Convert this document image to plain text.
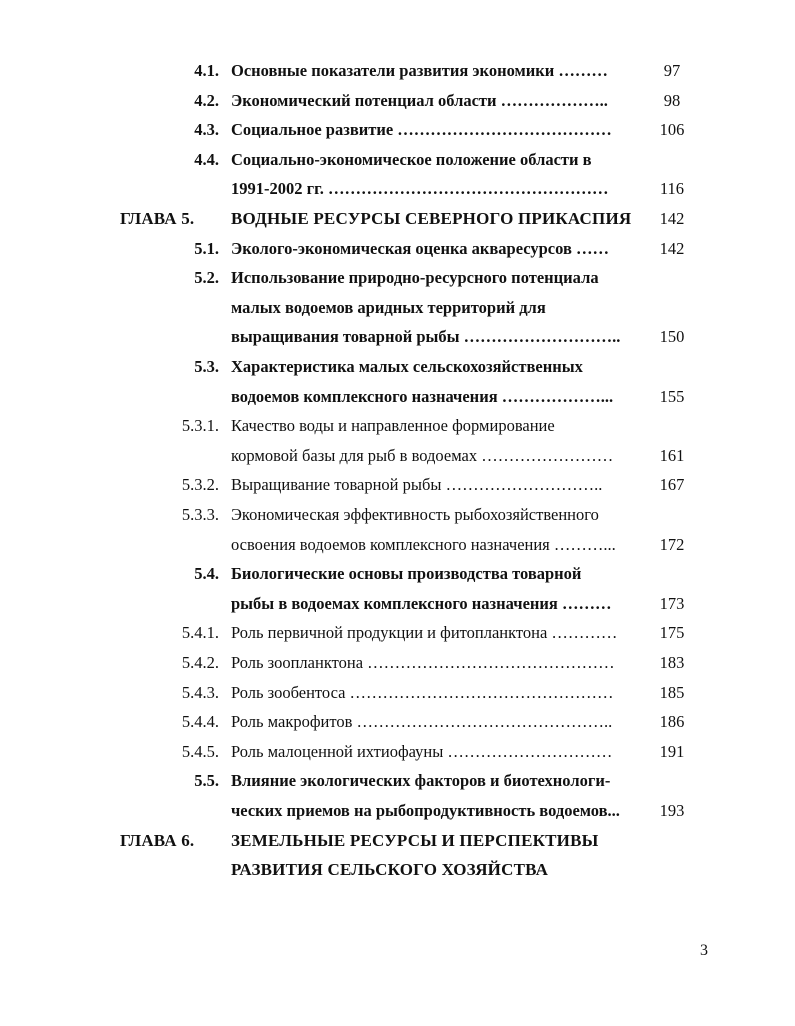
4.1. Основные показатели развития экономики ………	97
4.2. Экономический потенциал области ………………..	98
4.3. Социальное развитие …………………………………	106
4.4. Социально-экономическое положение области в
1991-2002 гг. ……………………………………………	116
ГЛАВА 5.	ВОДНЫЕ РЕСУРСЫ СЕВЕРНОГО ПРИКАСПИЯ	142
5.1. Эколого-экономическая оценка акваресурсов ……	142
5.2. Использование природно-ресурсного потенциала
малых водоемов аридных территорий для
выращивания товарной рыбы ………………………..	150
5.3. Характеристика малых сельскохозяйственных
водоемов комплексного назначения ………………...	155
5.3.1. Качество воды и направленное формирование
кормовой базы для рыб в водоемах ……………………	161
5.3.2. Выращивание товарной рыбы ………………………..	167
5.3.3. Экономическая эффективность рыбохозяйственного
освоения водоемов комплексного назначения ………...	172
5.4. Биологические основы производства товарной
рыбы в водоемах комплексного назначения ………	173
5.4.1. Роль первичной продукции и фитопланктона …………	175
5.4.2. Роль зоопланктона ………………………………………	183
5.4.3. Роль зообентоса …………………………………………	185
5.4.4. Роль макрофитов ………………………………………..	186
5.4.5. Роль малоценной ихтиофауны …………………………	191
5.5. Влияние экологических факторов и биотехнологи-
ческих приемов на рыбопродуктивность водоемов...	193
ГЛАВА 6.	ЗЕМЕЛЬНЫЕ РЕСУРСЫ И ПЕРСПЕКТИВЫ
РАЗВИТИЯ СЕЛЬСКОГО ХОЗЯЙСТВА
3
